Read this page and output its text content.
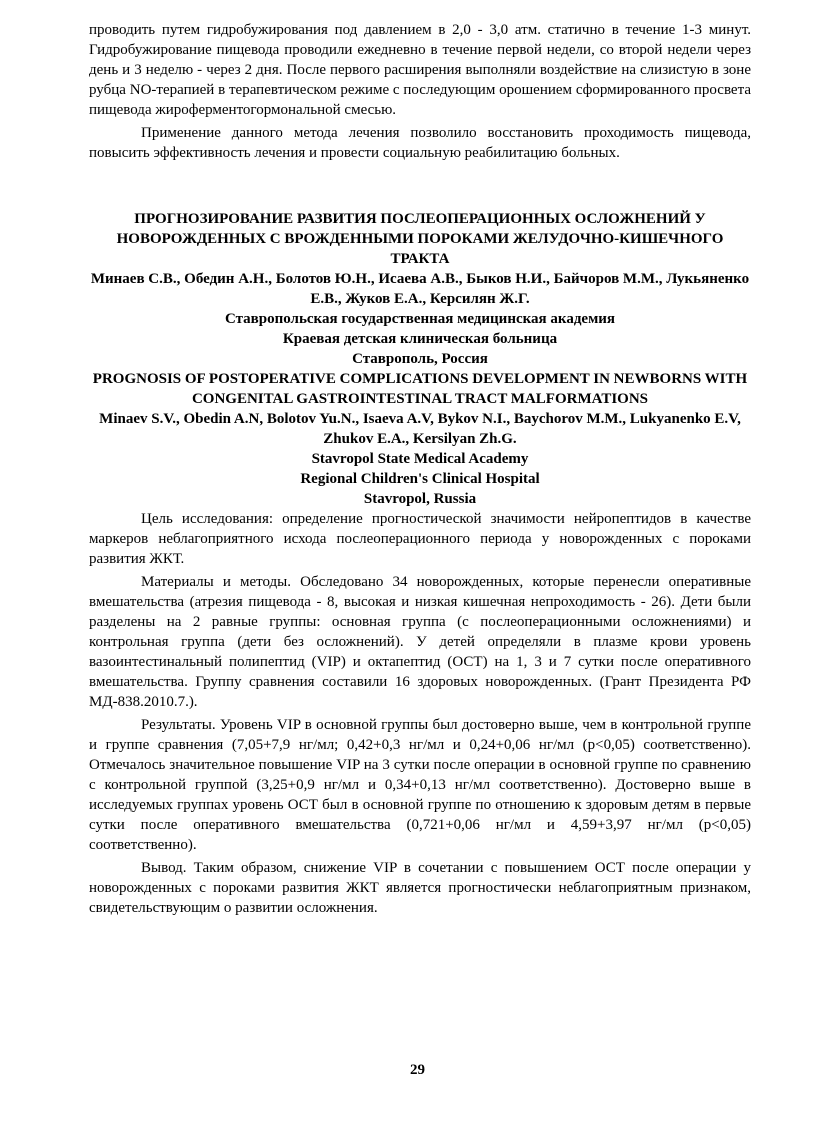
проводить путем гидробужирования под давлением в 2,0 - 3,0 атм. статично в течение 1-3 минут. Гидробужирование пищевода проводили ежедневно в течение первой недели, со второй недели через день и 3 неделю - через 2 дня. После первого расширения выполняли воздействие на слизистую в зоне рубца NO-терапией в терапевтическом режиме с последующим орошением сформированного просвета пищевода жироферментогормональной смесью.

Применение данного метода лечения позволило восстановить проходимость пищевода, повысить эффективность лечения и провести социальную реабилитацию больных.

ПРОГНОЗИРОВАНИЕ РАЗВИТИЯ ПОСЛЕОПЕРАЦИОННЫХ ОСЛОЖНЕНИЙ У НОВОРОЖДЕННЫХ С ВРОЖДЕННЫМИ ПОРОКАМИ ЖЕЛУДОЧНО-КИШЕЧНОГО ТРАКТА

Минаев С.В., Обедин А.Н., Болотов Ю.Н., Исаева А.В., Быков Н.И., Байчоров М.М., Лукьяненко Е.В., Жуков Е.А., Керсилян Ж.Г.

Ставропольская государственная медицинская академия

Краевая детская клиническая больница

Ставрополь, Россия

PROGNOSIS OF POSTOPERATIVE COMPLICATIONS DEVELOPMENT IN NEWBORNS WITH CONGENITAL GASTROINTESTINAL TRACT MALFORMATIONS

Minaev S.V., Obedin A.N, Bolotov Yu.N., Isaeva A.V, Bykov N.I., Baychorov M.M., Lukyanenko E.V, Zhukov E.A., Kersilyan Zh.G.

Stavropol State Medical Academy

Regional Children's Clinical Hospital

Stavropol, Russia

Цель исследования: определение прогностической значимости нейропептидов в качестве маркеров неблагоприятного исхода послеоперационного периода у новорожденных с пороками развития ЖКТ.

Материалы и методы. Обследовано 34 новорожденных, которые перенесли оперативные вмешательства (атрезия пищевода - 8, высокая и низкая кишечная непроходимость - 26). Дети были разделены на 2 равные группы: основная группа (с послеоперационными осложнениями) и контрольная группа (дети без осложнений). У детей определяли в плазме крови уровень вазоинтестинальный полипептид (VIP) и октапептид (ОСТ) на 1, 3 и 7 сутки после оперативного вмешательства. Группу сравнения составили 16 здоровых новорожденных. (Грант Президента РФ МД-838.2010.7.).

Результаты. Уровень VIP в основной группы был достоверно выше, чем в контрольной группе и группе сравнения (7,05+7,9 нг/мл; 0,42+0,3 нг/мл и 0,24+0,06 нг/мл (р<0,05) соответственно). Отмечалось значительное повышение VIP на 3 сутки после операции в основной группе по сравнению с контрольной группой (3,25+0,9 нг/мл и 0,34+0,13 нг/мл соответственно). Достоверно выше в исследуемых группах уровень ОСТ был в основной группе по отношению к здоровым детям в первые сутки после оперативного вмешательства (0,721+0,06 нг/мл и 4,59+3,97 нг/мл (р<0,05) соответственно).

Вывод. Таким образом, снижение VIP в сочетании с повышением ОСТ после операции у новорожденных с пороками развития ЖКТ является прогностически неблагоприятным признаком, свидетельствующим о развитии осложнения.

29
